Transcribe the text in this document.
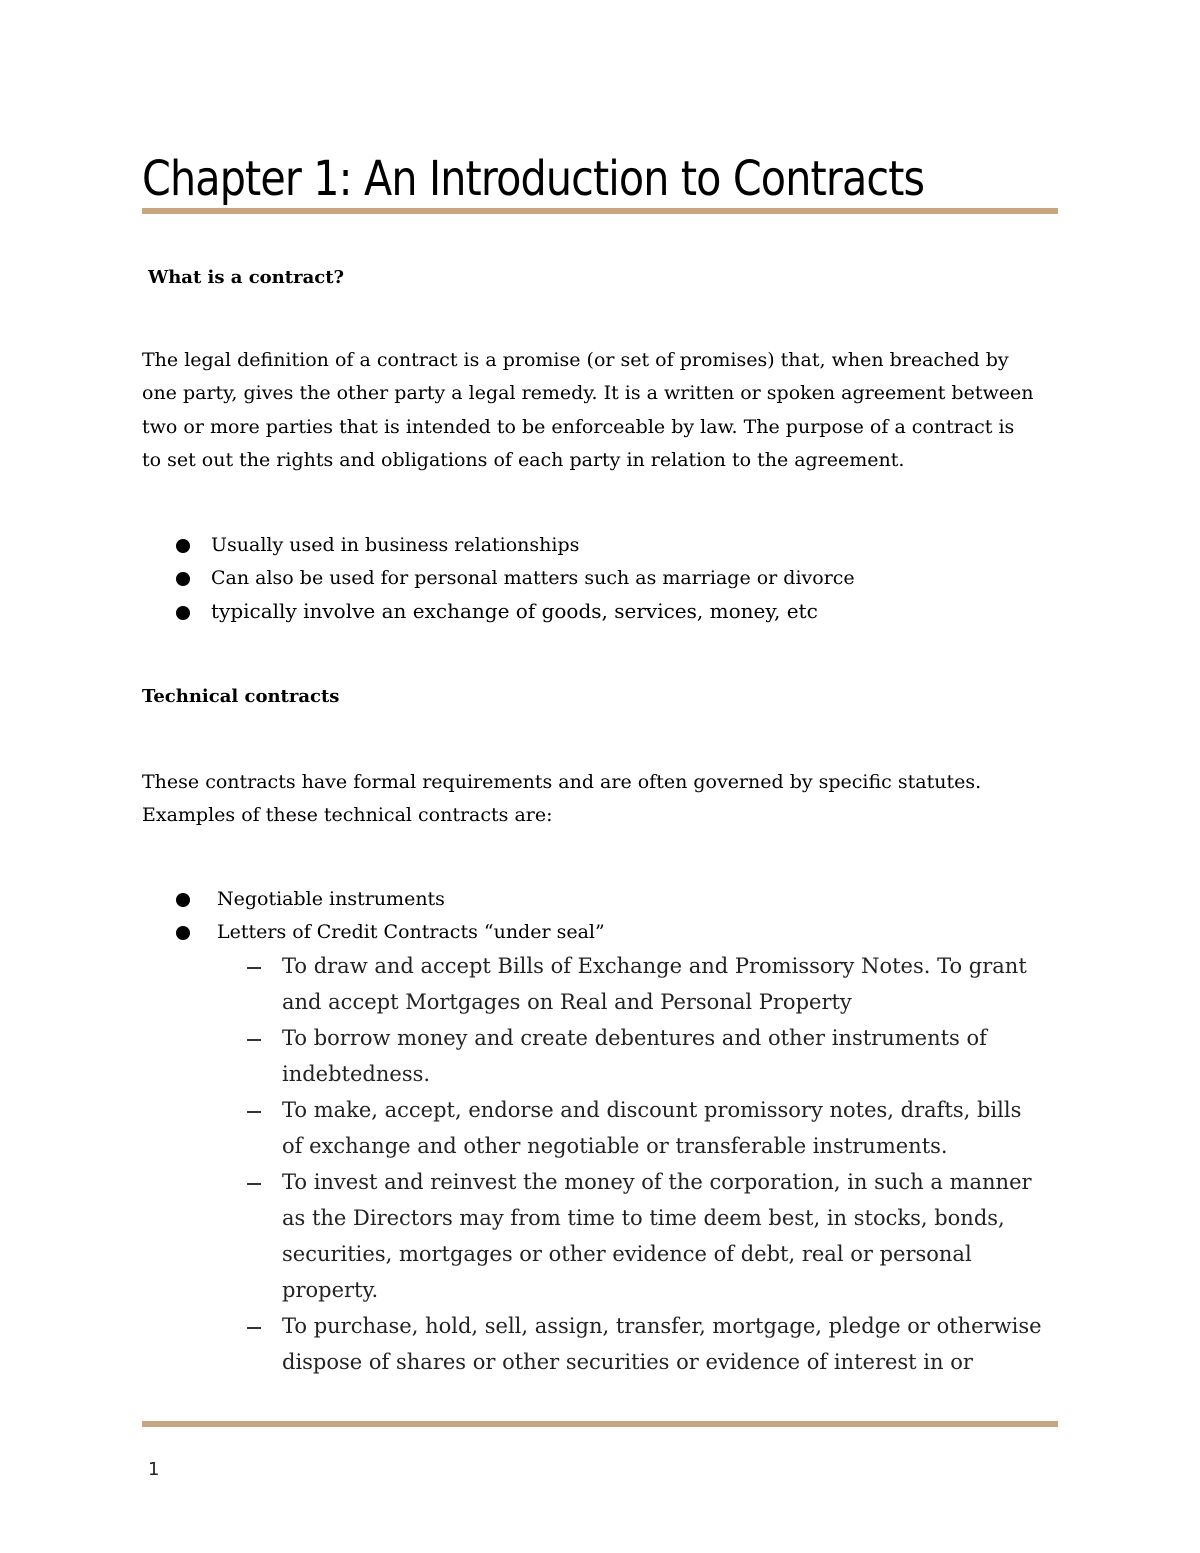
Chapter 1: An Introduction to Contracts
What is a contract?

The legal definition of a contract is a promise (or set of promises) that, when breached by
one party, gives the other party a legal remedy. It is a written or spoken agreement between
two or more parties that is intended to be enforceable by law. The purpose of a contract is
to set out the rights and obligations of each party in relation to the agreement.

Usually used in business relationships
Can also be used for personal matters such as marriage or divorce
typically involve an exchange of goods, services, money, etc
Technical contracts

These contracts have formal requirements and are often governed by specific statutes.
Examples of these technical contracts are:

Negotiable instruments
Letters of Credit Contracts “under seal”
To draw and accept Bills of Exchange and Promissory Notes. To grant
and accept Mortgages on Real and Personal Property
To borrow money and create debentures and other instruments of
indebtedness.
To make, accept, endorse and discount promissory notes, drafts, bills
of exchange and other negotiable or transferable instruments.
To invest and reinvest the money of the corporation, in such a manner
as the Directors may from time to time deem best, in stocks, bonds,
securities, mortgages or other evidence of debt, real or personal
property.
To purchase, hold, sell, assign, transfer, mortgage, pledge or otherwise
dispose of shares or other securities or evidence of interest in or
1
